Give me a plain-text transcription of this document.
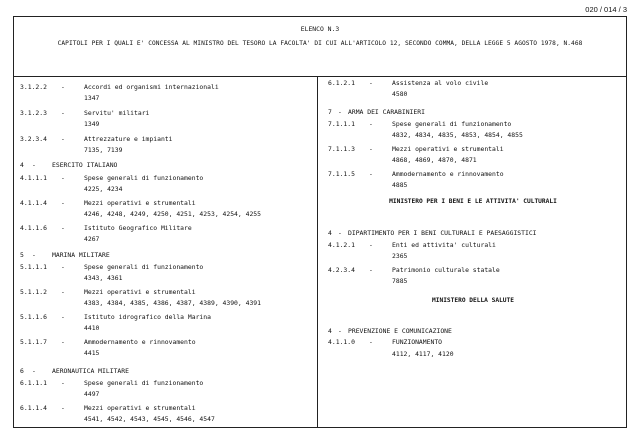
020 / 014 / 3
ELENCO N.3
CAPITOLI PER I QUALI E' CONCESSA AL MINISTRO DEL TESORO LA FACOLTA' DI CUI ALL'ARTICOLO 12, SECONDO COMMA, DELLA LEGGE 5 AGOSTO 1978, N.468
3.1.2.2 -	Accordi ed organismi internazionali
1347
3.1.2.3 -	Servitu' militari
1349
3.2.3.4 -	Attrezzature e impianti
7135, 7139
4 -	ESERCITO ITALIANO
4.1.1.1 -	Spese generali di funzionamento
4225, 4234
4.1.1.4 -	Mezzi operativi e strumentali
4246, 4248, 4249, 4250, 4251, 4253, 4254, 4255
4.1.1.6 -	Istituto Geografico Militare
4267
5 -	MARINA MILITARE
5.1.1.1 -	Spese generali di funzionamento
4343, 4361
5.1.1.2 -	Mezzi operativi e strumentali
4383, 4384, 4385, 4386, 4387, 4389, 4390, 4391
5.1.1.6 -	Istituto idrografico della Marina
4410
5.1.1.7 -	Ammodernamento e rinnovamento
4415
6 -	AERONAUTICA MILITARE
6.1.1.1 -	Spese generali di funzionamento
4497
6.1.1.4 -	Mezzi operativi e strumentali
4541, 4542, 4543, 4545, 4546, 4547
6.1.2.1 -	Assistenza al volo civile
4580
7 - ARMA DEI CARABINIERI
7.1.1.1 -	Spese generali di funzionamento
4832, 4834, 4835, 4853, 4854, 4855
7.1.1.3 -	Mezzi operativi e strumentali
4868, 4869, 4870, 4871
7.1.1.5 -	Ammodernamento e rinnovamento
4885
MINISTERO PER I BENI E LE ATTIVITA' CULTURALI
4 - DIPARTIMENTO PER I BENI CULTURALI E PAESAGGISTICI
4.1.2.1 -	Enti ed attivita' culturali
2365
4.2.3.4 -	Patrimonio culturale statale
7885
MINISTERO DELLA SALUTE
4 - PREVENZIONE E COMUNICAZIONE
4.1.1.0 -	FUNZIONAMENTO
4112, 4117, 4120
